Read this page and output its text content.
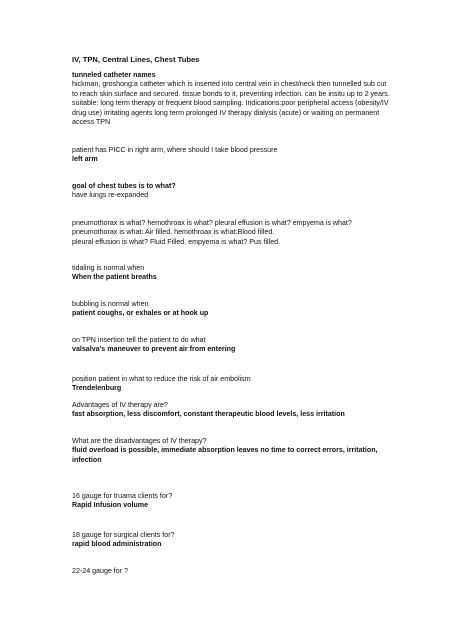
IV, TPN, Central Lines, Chest Tubes
tunneled catheter names
hickman, groshong:a catheter which is inserted into central vein in chest/neck then tunnelled sub cut
to reach skin surface and secured. tissue bonds to it, preventing infection. can be insitu up to 2 years.
suitable: long term therapy or frequent blood sampling. Indications:poor peripheral access (obesity/IV
drug use) irritating agents long term prolonged IV therapy dialysis (acute) or waiting on permanent
access TPN
patient has PICC in right arm, where should I take blood pressure
left arm
goal of chest tubes is to what?
have lungs re-expanded
pneumothorax is what? hemothroax is what? pleural effusion is what? empyema is what?
pneumothorax is what: Air filled. hemothroax is what:Blood filled.
pleural effusion is what? Fluid Filled. empyema is what? Pus filled.
tidaling is normal when
When the patient breaths
bubbling is normal when
patient coughs, or exhales or at hook up
on TPN insertion tell the patient to do what
valsalva's maneuver to prevent air from entering
position patient in what to reduce the risk of air embolism
Trendelenburg
Advantages of IV therapy are?
fast absorption, less discomfort, constant therapeutic blood levels, less irritation
What are the disadvantages of IV therapy?
fluid overload is possible, immediate absorption leaves no time to correct errors, irritation,
infection
16 gauge for truama clients for?
Rapid Infusion volume
18 gauge for surgical clients for?
rapid blood administration
22-24 gauge for ?
